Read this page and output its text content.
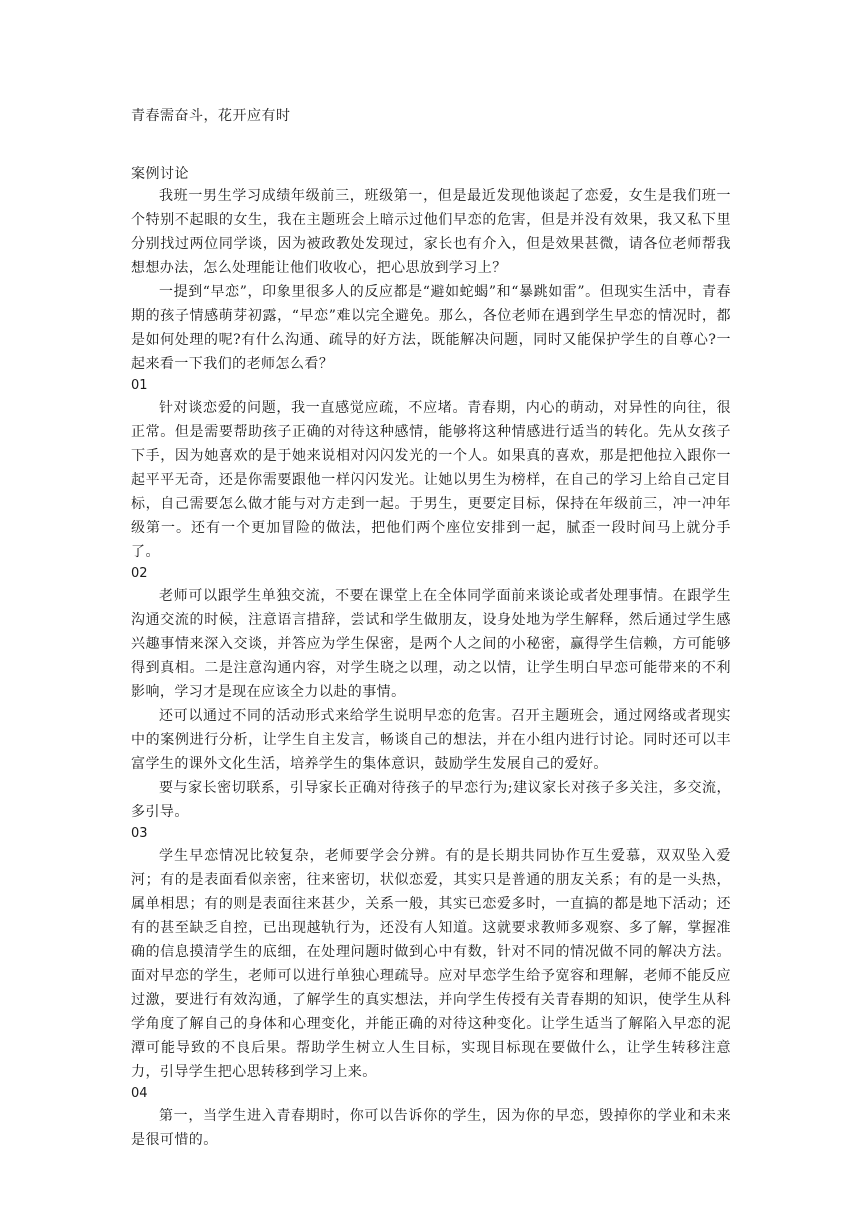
青春需奋斗，花开应有时

案例讨论

我班一男生学习成绩年级前三，班级第一，但是最近发现他谈起了恋爱，女生是我们班一个特别不起眼的女生，我在主题班会上暗示过他们早恋的危害，但是并没有效果，我又私下里分别找过两位同学谈，因为被政教处发现过，家长也有介入，但是效果甚微，请各位老师帮我想想办法，怎么处理能让他们收收心，把心思放到学习上？

一提到“早恋”，印象里很多人的反应都是“避如蛇蝎”和“暴跳如雷”。但现实生活中，青春期的孩子情感萌芽初露，“早恋”难以完全避免。那么，各位老师在遇到学生早恋的情况时，都是如何处理的呢?有什么沟通、疏导的好方法，既能解决问题，同时又能保护学生的自尊心?一起来看一下我们的老师怎么看？

01

针对谈恋爱的问题，我一直感觉应疏，不应堵。青春期，内心的萌动，对异性的向往，很正常。但是需要帮助孩子正确的对待这种感情，能够将这种情感进行适当的转化。先从女孩子下手，因为她喜欢的是于她来说相对闪闪发光的一个人。如果真的喜欢，那是把他拉入跟你一起平平无奇，还是你需要跟他一样闪闪发光。让她以男生为榜样，在自己的学习上给自己定目标，自己需要怎么做才能与对方走到一起。于男生，更要定目标，保持在年级前三，冲一冲年级第一。还有一个更加冒险的做法，把他们两个座位安排到一起，腻歪一段时间马上就分手了。

02

老师可以跟学生单独交流，不要在课堂上在全体同学面前来谈论或者处理事情。在跟学生沟通交流的时候，注意语言措辞，尝试和学生做朋友，设身处地为学生解释，然后通过学生感兴趣事情来深入交谈，并答应为学生保密，是两个人之间的小秘密，赢得学生信赖，方可能够得到真相。二是注意沟通内容，对学生晓之以理，动之以情，让学生明白早恋可能带来的不利影响，学习才是现在应该全力以赴的事情。

还可以通过不同的活动形式来给学生说明早恋的危害。召开主题班会，通过网络或者现实中的案例进行分析，让学生自主发言，畅谈自己的想法，并在小组内进行讨论。同时还可以丰富学生的课外文化生活，培养学生的集体意识，鼓励学生发展自己的爱好。

要与家长密切联系，引导家长正确对待孩子的早恋行为;建议家长对孩子多关注，多交流，多引导。

03

学生早恋情况比较复杂，老师要学会分辨。有的是长期共同协作互生爱慕，双双坠入爱河；有的是表面看似亲密，往来密切，状似恋爱，其实只是普通的朋友关系；有的是一头热，属单相思；有的则是表面往来甚少，关系一般，其实已恋爱多时，一直搞的都是地下活动；还有的甚至缺乏自控，已出现越轨行为，还没有人知道。这就要求教师多观察、多了解，掌握准确的信息摸清学生的底细，在处理问题时做到心中有数，针对不同的情况做不同的解决方法。面对早恋的学生，老师可以进行单独心理疏导。应对早恋学生给予宽容和理解，老师不能反应过激，要进行有效沟通，了解学生的真实想法，并向学生传授有关青春期的知识，使学生从科学角度了解自己的身体和心理变化，并能正确的对待这种变化。让学生适当了解陷入早恋的泥潭可能导致的不良后果。帮助学生树立人生目标，实现目标现在要做什么，让学生转移注意力，引导学生把心思转移到学习上来。

04

第一，当学生进入青春期时，你可以告诉你的学生，因为你的早恋，毁掉你的学业和未来是很可惜的。
